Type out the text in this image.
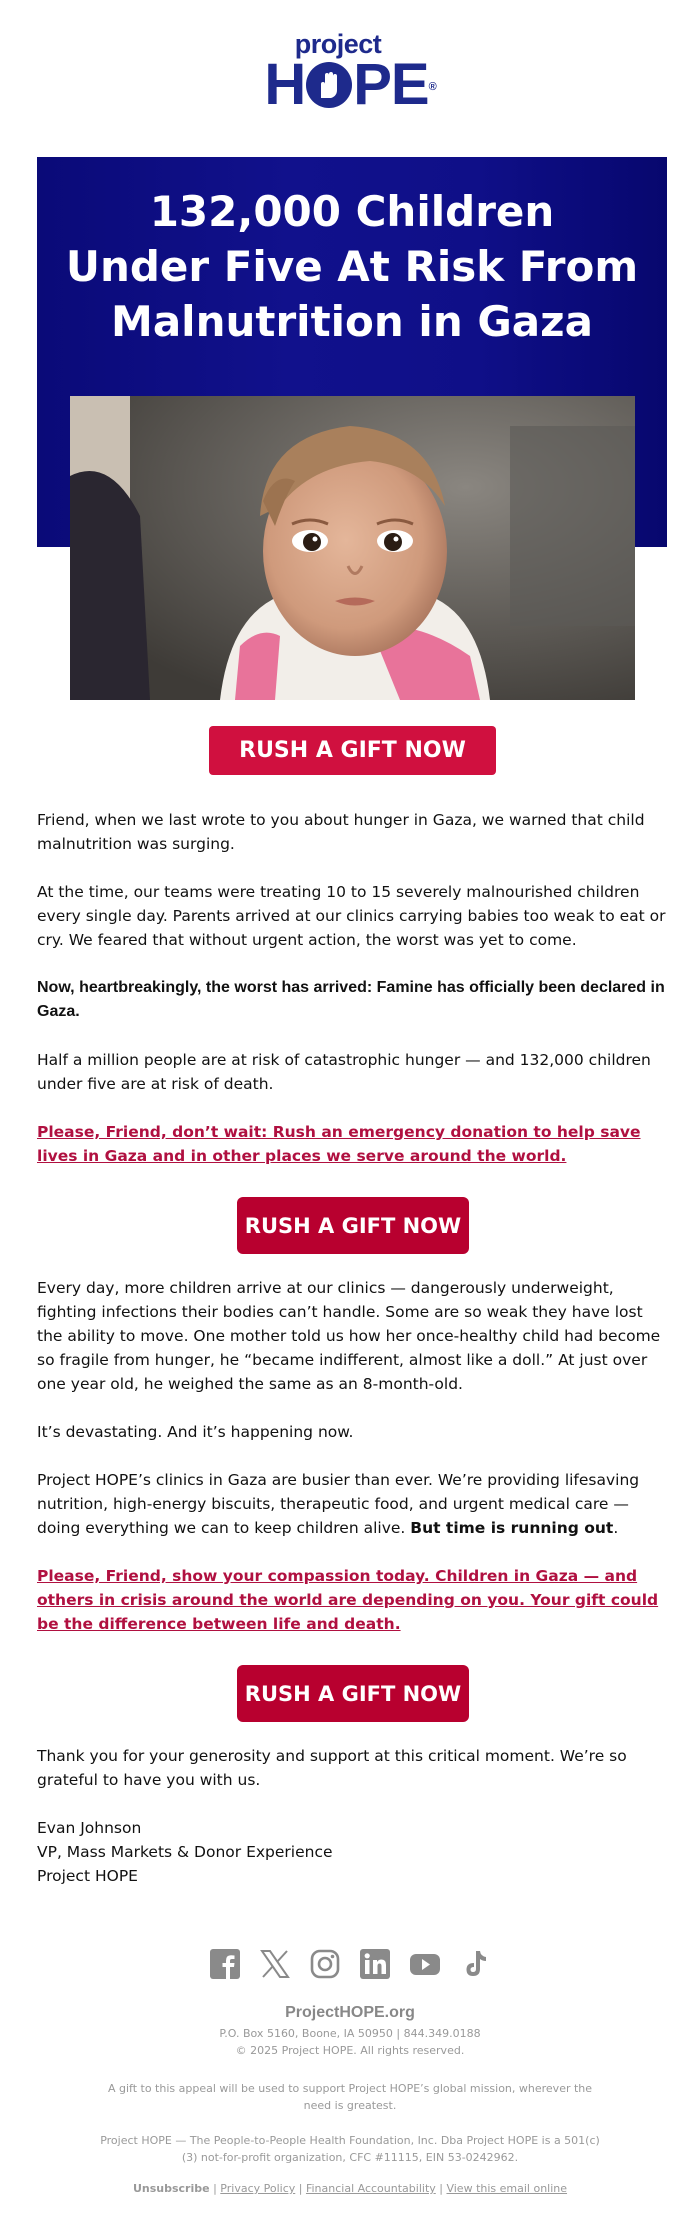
project
H PE ®
132,000 Children
Under Five At Risk From
Malnutrition in Gaza
RUSH A GIFT NOW

Friend, when we last wrote to you about hunger in Gaza, we warned that child malnutrition was surging.

At the time, our teams were treating 10 to 15 severely malnourished children every single day. Parents arrived at our clinics carrying babies too weak to eat or cry. We feared that without urgent action, the worst was yet to come.

Now, heartbreakingly, the worst has arrived: Famine has officially been declared in Gaza.

Half a million people are at risk of catastrophic hunger — and 132,000 children under five are at risk of death.

Please, Friend, don’t wait: Rush an emergency donation to help save lives in Gaza and in other places we serve around the world.
RUSH A GIFT NOW

Every day, more children arrive at our clinics — dangerously underweight, fighting infections their bodies can’t handle. Some are so weak they have lost the ability to move. One mother told us how her once-healthy child had become so fragile from hunger, he “became indifferent, almost like a doll.” At just over one year old, he weighed the same as an 8-month-old.

It’s devastating. And it’s happening now.

Project HOPE’s clinics in Gaza are busier than ever. We’re providing lifesaving nutrition, high-energy biscuits, therapeutic food, and urgent medical care — doing everything we can to keep children alive. But time is running out.

Please, Friend, show your compassion today. Children in Gaza — and others in crisis around the world are depending on you. Your gift could be the difference between life and death.
RUSH A GIFT NOW

Thank you for your generosity and support at this critical moment. We’re so grateful to have you with us.

Evan Johnson
VP, Mass Markets & Donor Experience
Project HOPE
ProjectHOPE.org
P.O. Box 5160, Boone, IA 50950 | 844.349.0188
© 2025 Project HOPE. All rights reserved.
A gift to this appeal will be used to support Project HOPE’s global mission, wherever the need is greatest.
Project HOPE — The People-to-People Health Foundation, Inc. Dba Project HOPE is a 501(c)(3) not-for-profit organization, CFC #11115, EIN 53-0242962.
Unsubscribe | Privacy Policy | Financial Accountability | View this email online
